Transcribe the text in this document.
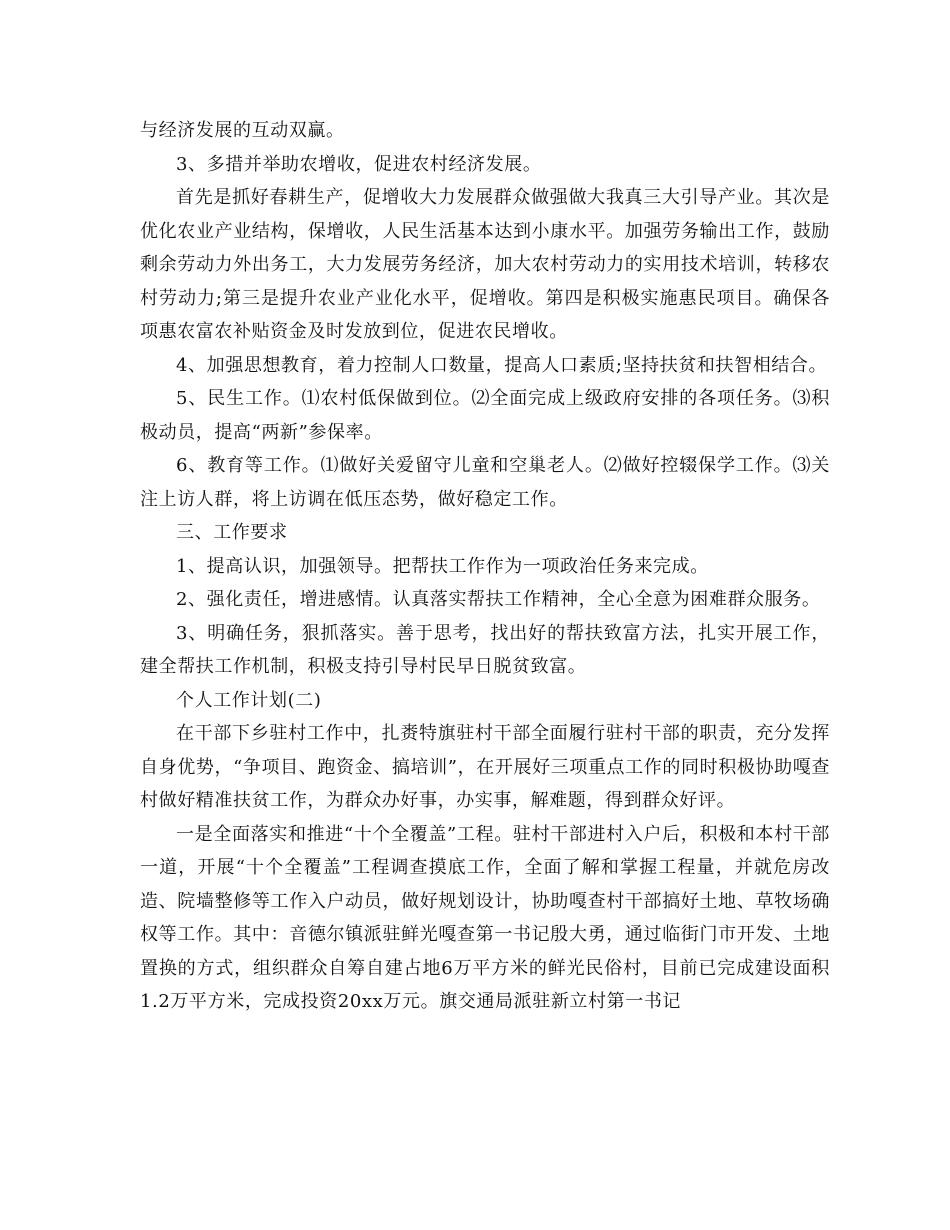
与经济发展的互动双赢。

3、多措并举助农增收，促进农村经济发展。

首先是抓好春耕生产，促增收大力发展群众做强做大我真三大引导产业。其次是优化农业产业结构，保增收，人民生活基本达到小康水平。加强劳务输出工作，鼓励剩余劳动力外出务工，大力发展劳务经济，加大农村劳动力的实用技术培训，转移农村劳动力;第三是提升农业产业化水平，促增收。第四是积极实施惠民项目。确保各项惠农富农补贴资金及时发放到位，促进农民增收。

4、加强思想教育，着力控制人口数量，提高人口素质;坚持扶贫和扶智相结合。

5、民生工作。⑴农村低保做到位。⑵全面完成上级政府安排的各项任务。⑶积极动员，提高“两新”参保率。

6、教育等工作。⑴做好关爱留守儿童和空巢老人。⑵做好控辍保学工作。⑶关注上访人群，将上访调在低压态势，做好稳定工作。

三、工作要求

1、提高认识，加强领导。把帮扶工作作为一项政治任务来完成。

2、强化责任，增进感情。认真落实帮扶工作精神，全心全意为困难群众服务。

3、明确任务，狠抓落实。善于思考，找出好的帮扶致富方法，扎实开展工作，建全帮扶工作机制，积极支持引导村民早日脱贫致富。

个人工作计划(二)

在干部下乡驻村工作中，扎赉特旗驻村干部全面履行驻村干部的职责，充分发挥自身优势，“争项目、跑资金、搞培训”，在开展好三项重点工作的同时积极协助嘎查村做好精准扶贫工作，为群众办好事，办实事，解难题，得到群众好评。

一是全面落实和推进“十个全覆盖”工程。驻村干部进村入户后，积极和本村干部一道，开展“十个全覆盖”工程调查摸底工作，全面了解和掌握工程量，并就危房改造、院墙整修等工作入户动员，做好规划设计，协助嘎查村干部搞好土地、草牧场确权等工作。其中：音德尔镇派驻鲜光嘎查第一书记殷大勇，通过临街门市开发、土地置换的方式，组织群众自筹自建占地6万平方米的鲜光民俗村，目前已完成建设面积1.2万平方米，完成投资20xx万元。旗交通局派驻新立村第一书记
